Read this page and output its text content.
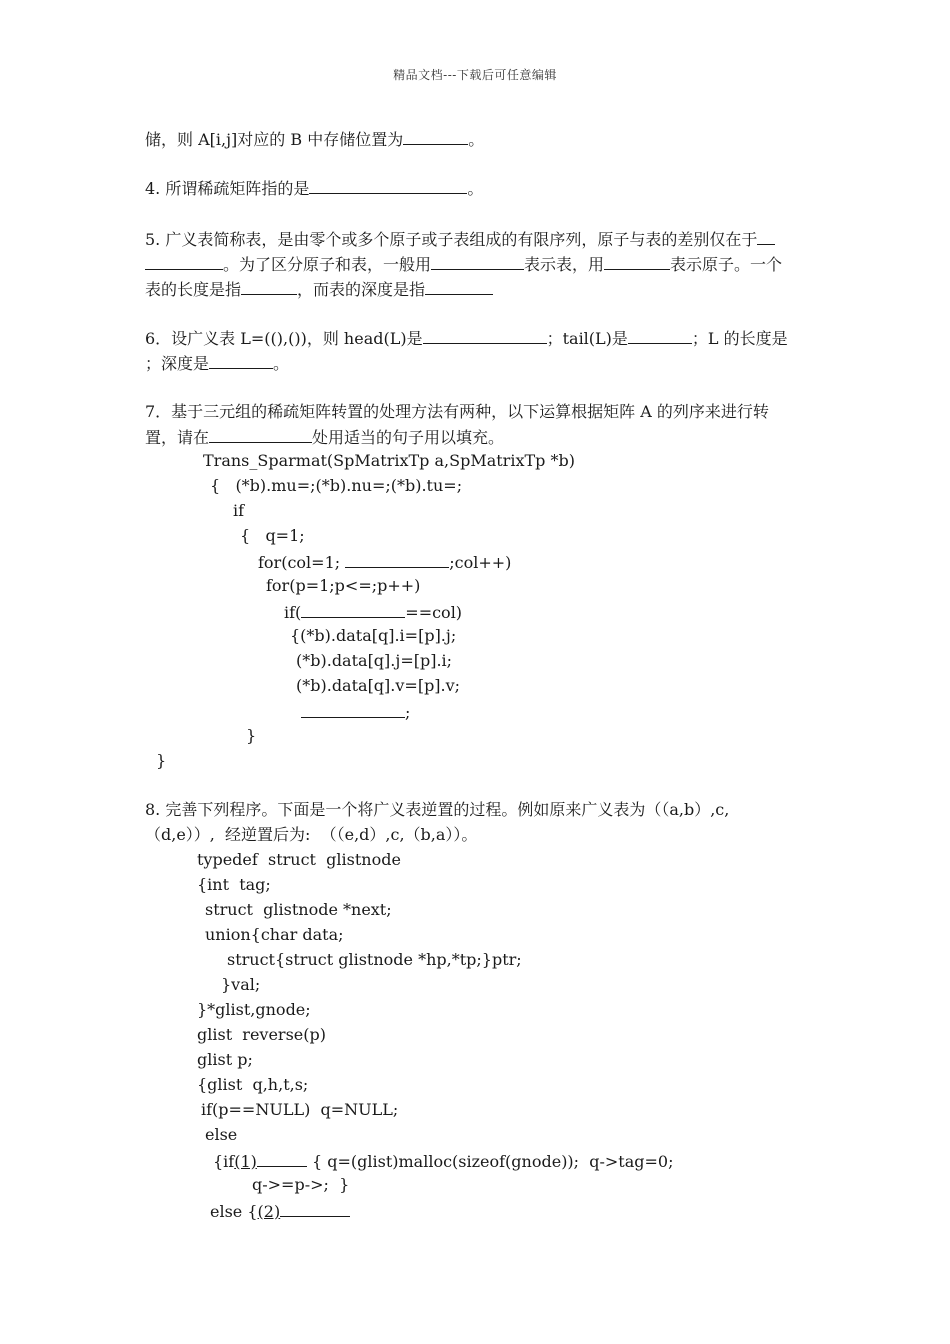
精品文档---下载后可任意编辑
储，则 A[i,j]对应的 B 中存储位置为	。
4. 所谓稀疏矩阵指的是	。
5. 广义表简称表，是由零个或多个原子或子表组成的有限序列，原子与表的差别仅在于
。为了区分原子和表，一般用	表示表，用	表示原子。一个
表的长度是指	，而表的深度是指
6．设广义表 L=((),())，则 head(L)是	；tail(L)是	；L 的长度是
；深度是	。
7．基于三元组的稀疏矩阵转置的处理方法有两种，以下运算根据矩阵 A 的列序来进行转
置，请在	处用适当的句子用以填充。
Trans_Sparmat(SpMatrixTp a,SpMatrixTp *b)
{   (*b).mu=;(*b).nu=;(*b).tu=;
if
{   q=1;
for(col=1;	;col++)
for(p=1;p<=;p++)
if(	==col)
{(*b).data[q].i=[p].j;
(*b).data[q].j=[p].i;
(*b).data[q].v=[p].v;
;
}
}
8. 完善下列程序。下面是一个将广义表逆置的过程。例如原来广义表为（（a,b）,c,
（d,e））,  经逆置后为:  （（e,d）,c,（b,a））。
typedef  struct  glistnode
{int  tag;
struct  glistnode *next;
union{char data;
struct{struct glistnode *hp,*tp;}ptr;
}val;
}*glist,gnode;
glist  reverse(p)
glist p;
{glist  q,h,t,s;
if(p==NULL)  q=NULL;
else
{if(1)	{ q=(glist)malloc(sizeof(gnode));  q->tag=0;
q->=p->;  }
else {(2)
